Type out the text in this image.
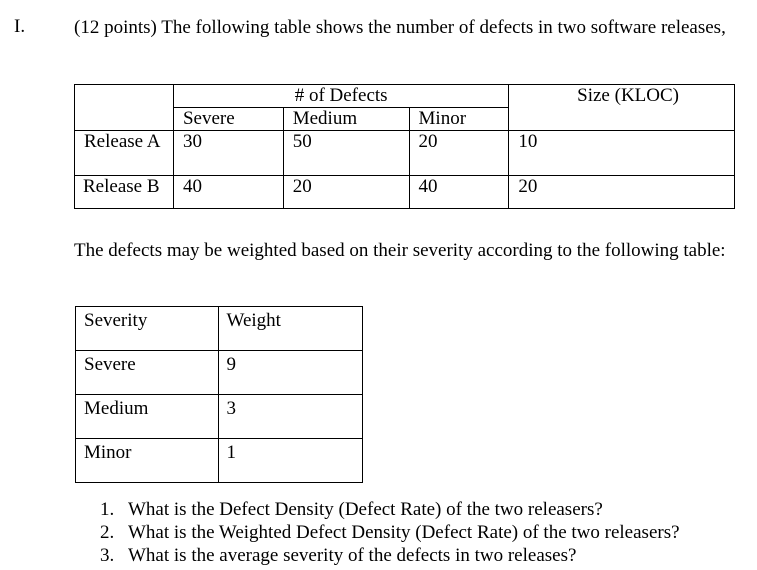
I.	(12 points) The following table shows the number of defects in two software releases,
	# of Defects			Size (KLOC)
	Severe	Medium	Minor	
Release A	30	50	20	10
Release B	40	20	40	20
The defects may be weighted based on their severity according to the following table:
Severity	Weight
Severe	9
Medium	3
Minor	1
1. What is the Defect Density (Defect Rate) of the two releasers?
2. What is the Weighted Defect Density (Defect Rate) of the two releasers?
3. What is the average severity of the defects in two releases?
